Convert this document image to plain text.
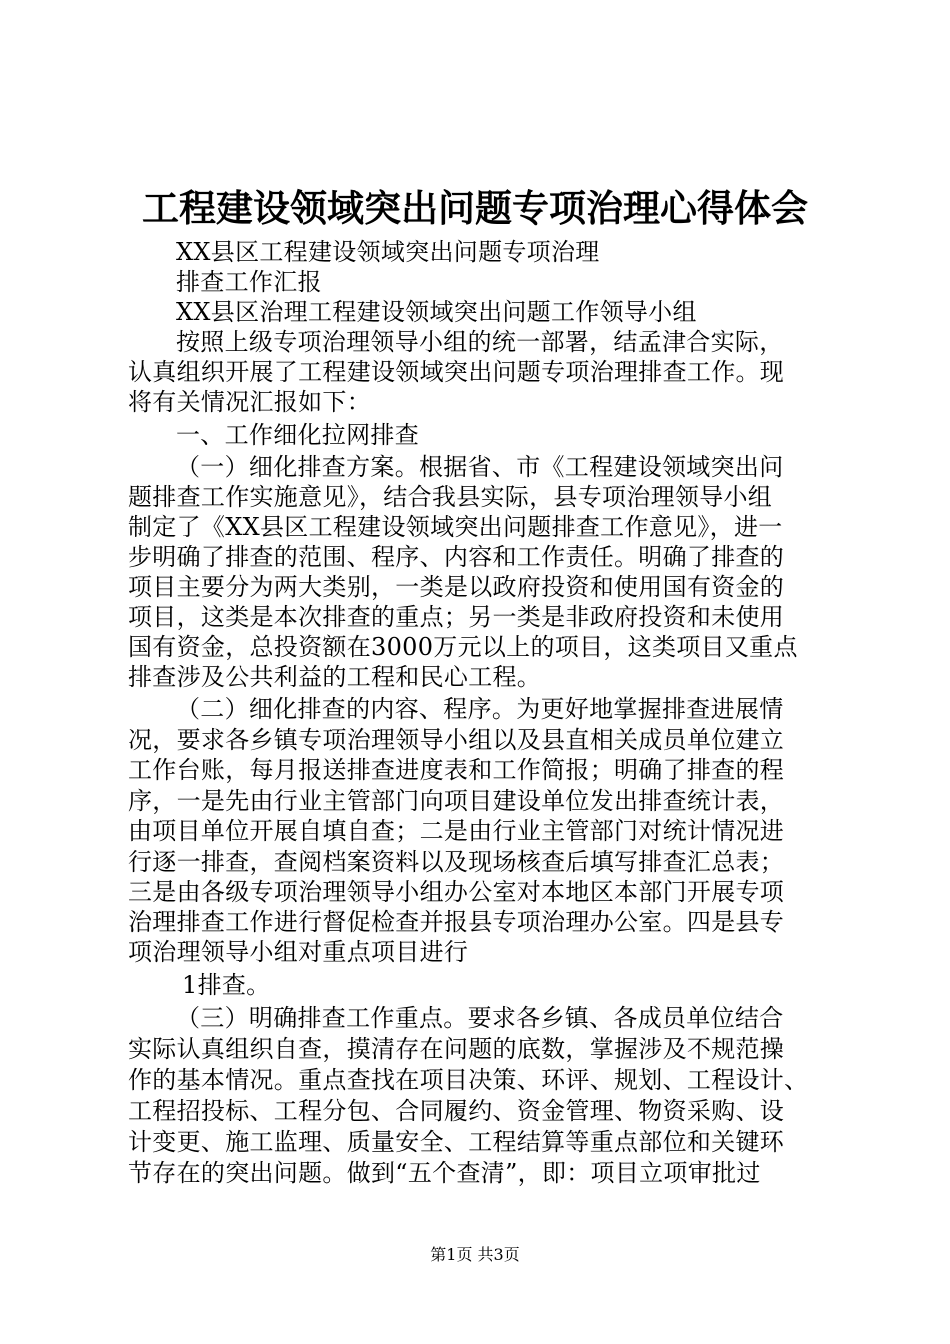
工程建设领域突出问题专项治理心得体会
XX县区工程建设领域突出问题专项治理
排查工作汇报
XX县区治理工程建设领域突出问题工作领导小组
按照上级专项治理领导小组的统一部署，结孟津合实际，
认真组织开展了工程建设领域突出问题专项治理排查工作。现
将有关情况汇报如下：
一、工作细化拉网排查
（一）细化排查方案。根据省、市《工程建设领域突出问
题排查工作实施意见》，结合我县实际，县专项治理领导小组
制定了《XX县区工程建设领域突出问题排查工作意见》，进一
步明确了排查的范围、程序、内容和工作责任。明确了排查的
项目主要分为两大类别，一类是以政府投资和使用国有资金的
项目，这类是本次排查的重点；另一类是非政府投资和未使用
国有资金，总投资额在3000万元以上的项目，这类项目又重点
排查涉及公共利益的工程和民心工程。
（二）细化排查的内容、程序。为更好地掌握排查进展情
况，要求各乡镇专项治理领导小组以及县直相关成员单位建立
工作台账，每月报送排查进度表和工作简报；明确了排查的程
序，一是先由行业主管部门向项目建设单位发出排查统计表，
由项目单位开展自填自查；二是由行业主管部门对统计情况进
行逐一排查，查阅档案资料以及现场核查后填写排查汇总表；
三是由各级专项治理领导小组办公室对本地区本部门开展专项
治理排查工作进行督促检查并报县专项治理办公室。四是县专
项治理领导小组对重点项目进行
1排查。
（三）明确排查工作重点。要求各乡镇、各成员单位结合
实际认真组织自查，摸清存在问题的底数，掌握涉及不规范操
作的基本情况。重点查找在项目决策、环评、规划、工程设计、
工程招投标、工程分包、合同履约、资金管理、物资采购、设
计变更、施工监理、质量安全、工程结算等重点部位和关键环
节存在的突出问题。做到“五个查清”，即：项目立项审批过
第1页 共3页
